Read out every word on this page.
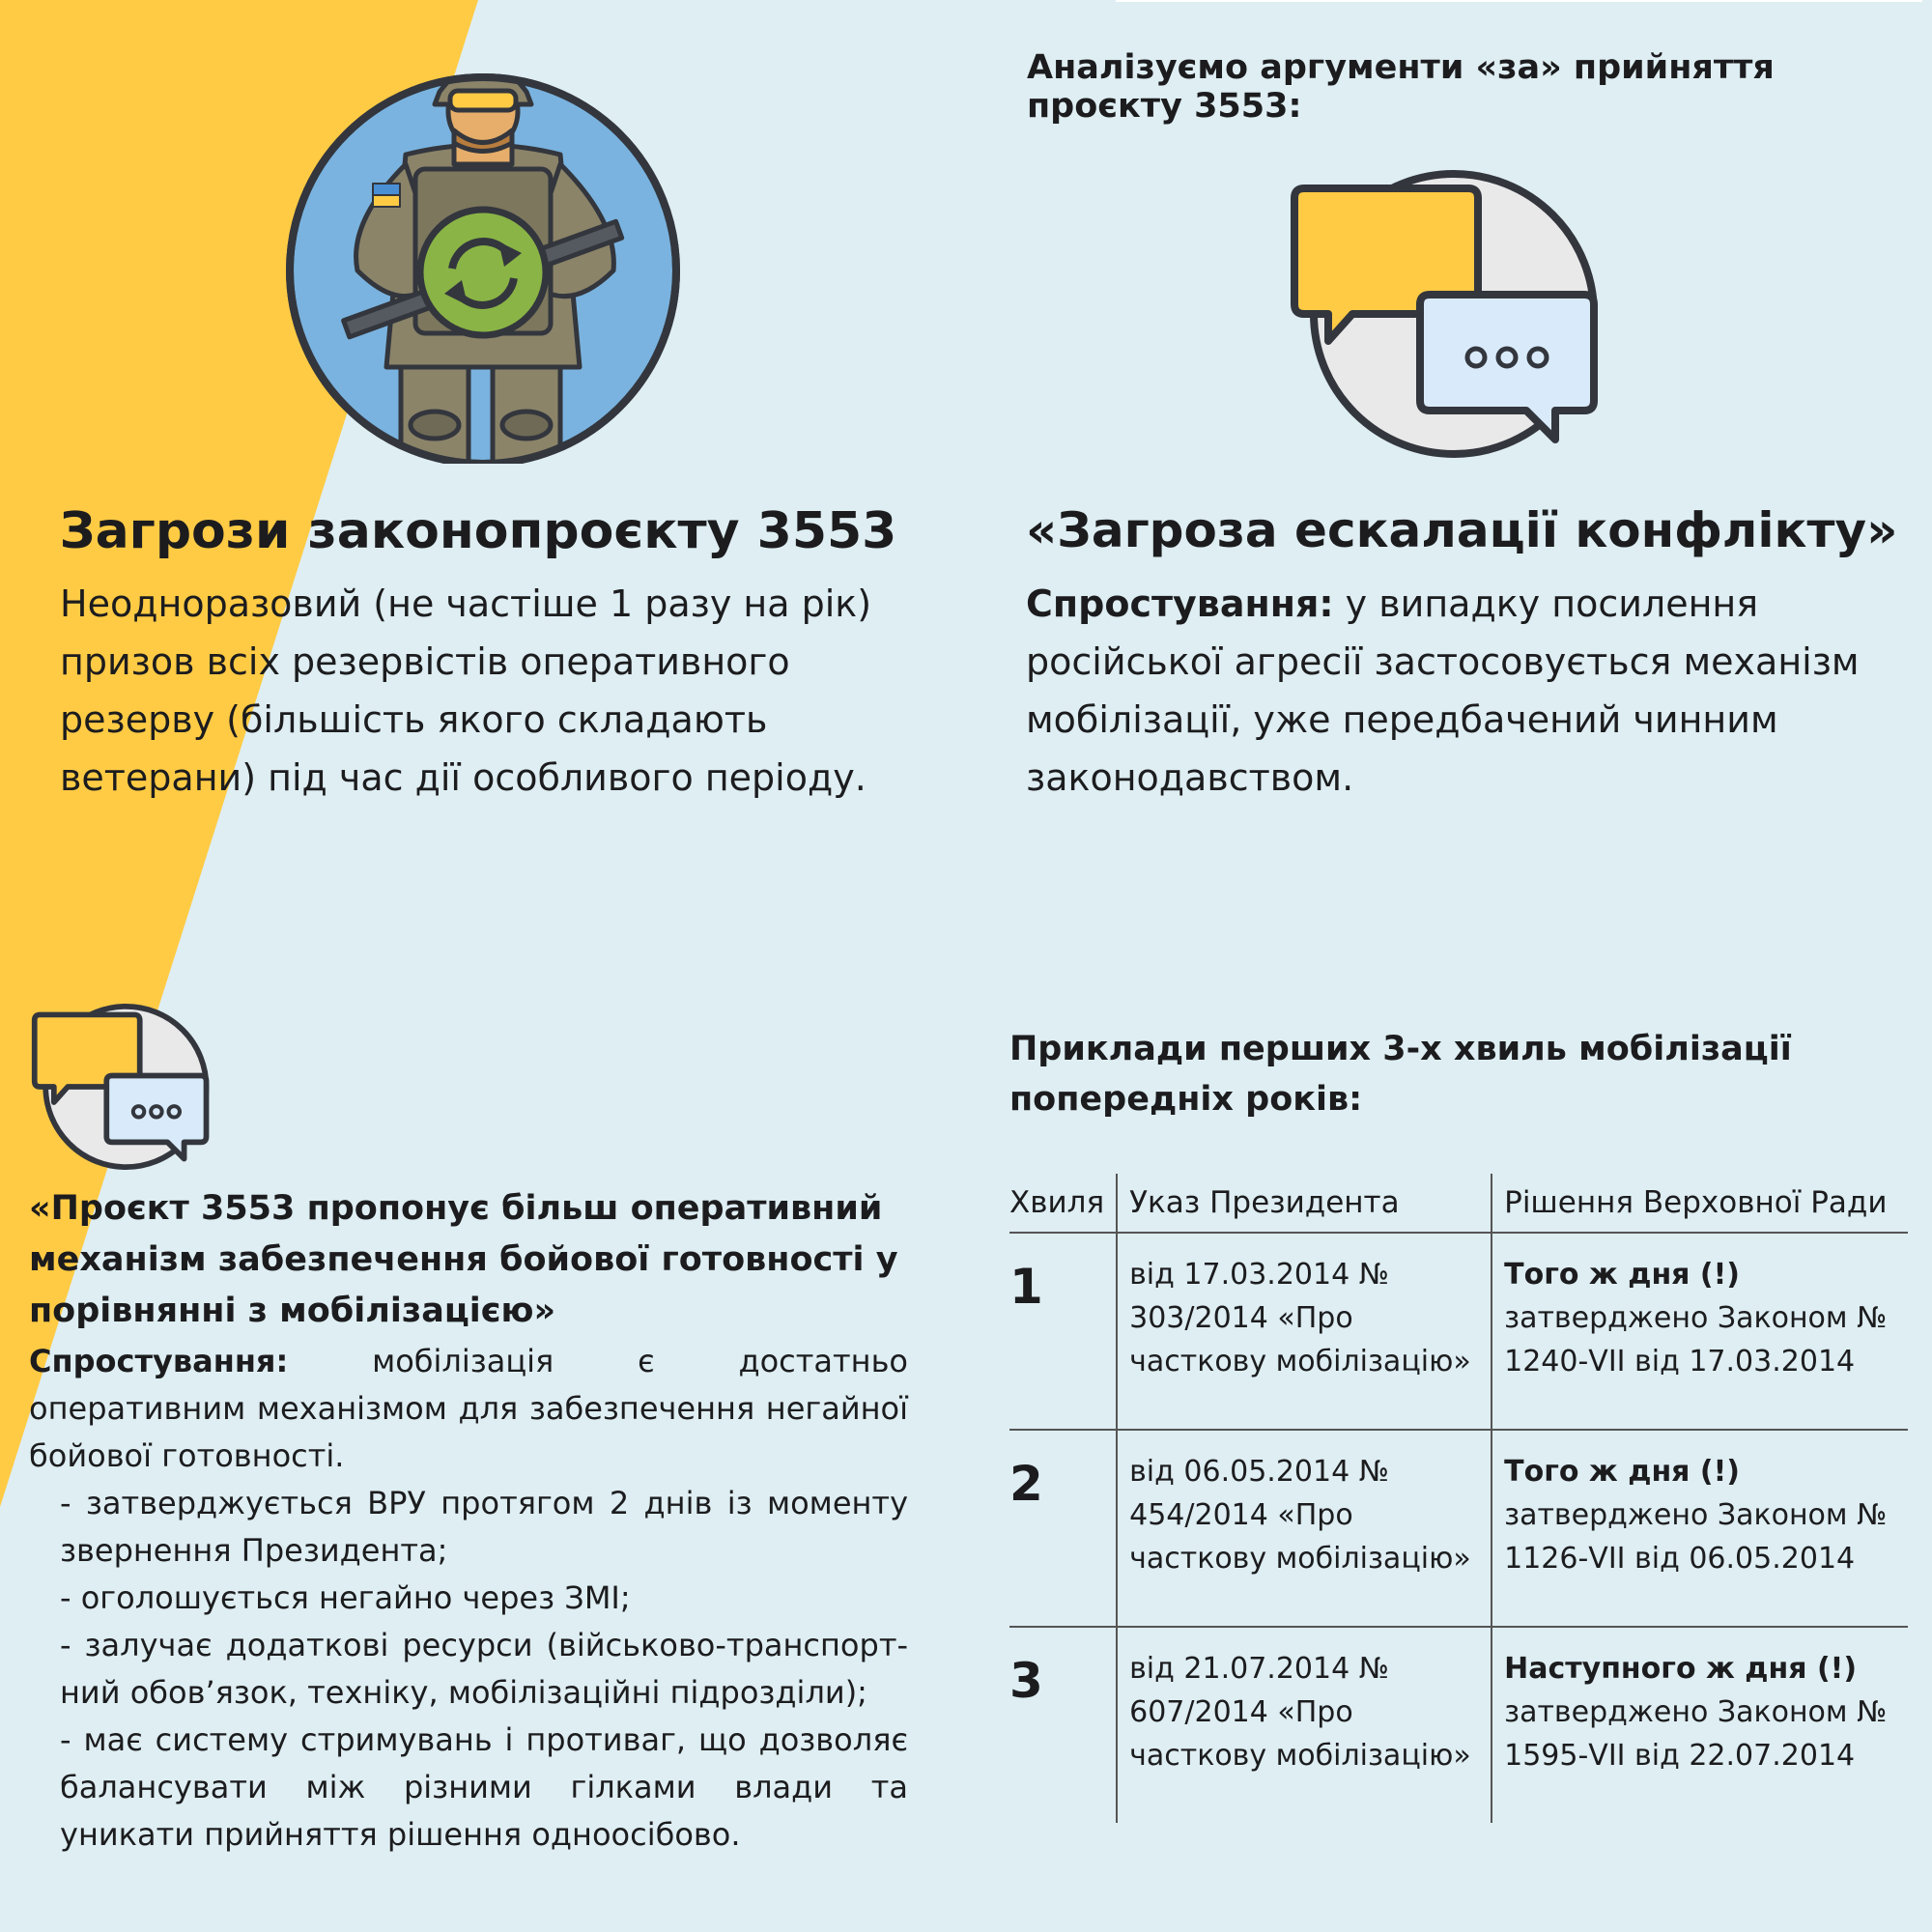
Загрози законопроєкту 3553
Неодноразовий (не частіше 1 разу на рік) призов всіх резервістів оперативного резерву (більшість якого складають ветерани) під час дії особливого періоду.
Аналізуємо аргументи «за» прийняття проєкту 3553:
«Загроза ескалації конфлікту»
Спростування: у випадку посилення російської агресії застосовується механізм мобілізації, уже передбачений чинним законодавством.
«Проєкт 3553 пропонує більш оперативний механізм забезпечення бойової готовності у порівнянні з мобілізацією»
Спростування: мобілізація є достатньо оперативним механізмом для забезпечення негайної бойової готовності.
- затверджується ВРУ протягом 2 днів із моменту звернення Президента;
- оголошується негайно через ЗМІ;
- залучає додаткові ресурси (військово-транспорт-ний обов’язок, техніку, мобілізаційні підрозділи);
- має систему стримувань і противаг, що дозволяє балансувати між різними гілками влади та уникати прийняття рішення одноосібово.
Приклади перших 3-х хвиль мобілізації попередніх років:
Хвиля	Указ Президента	Рішення Верховної Ради
1	від 17.03.2014 № 303/2014 «Про часткову мобілізацію»	Того ж дня (!) затверджено Законом № 1240-VII від 17.03.2014
2	від 06.05.2014 № 454/2014 «Про часткову мобілізацію»	Того ж дня (!) затверджено Законом № 1126-VII від 06.05.2014
3	від 21.07.2014 № 607/2014 «Про часткову мобілізацію»	Наступного ж дня (!) затверджено Законом № 1595-VII від 22.07.2014
